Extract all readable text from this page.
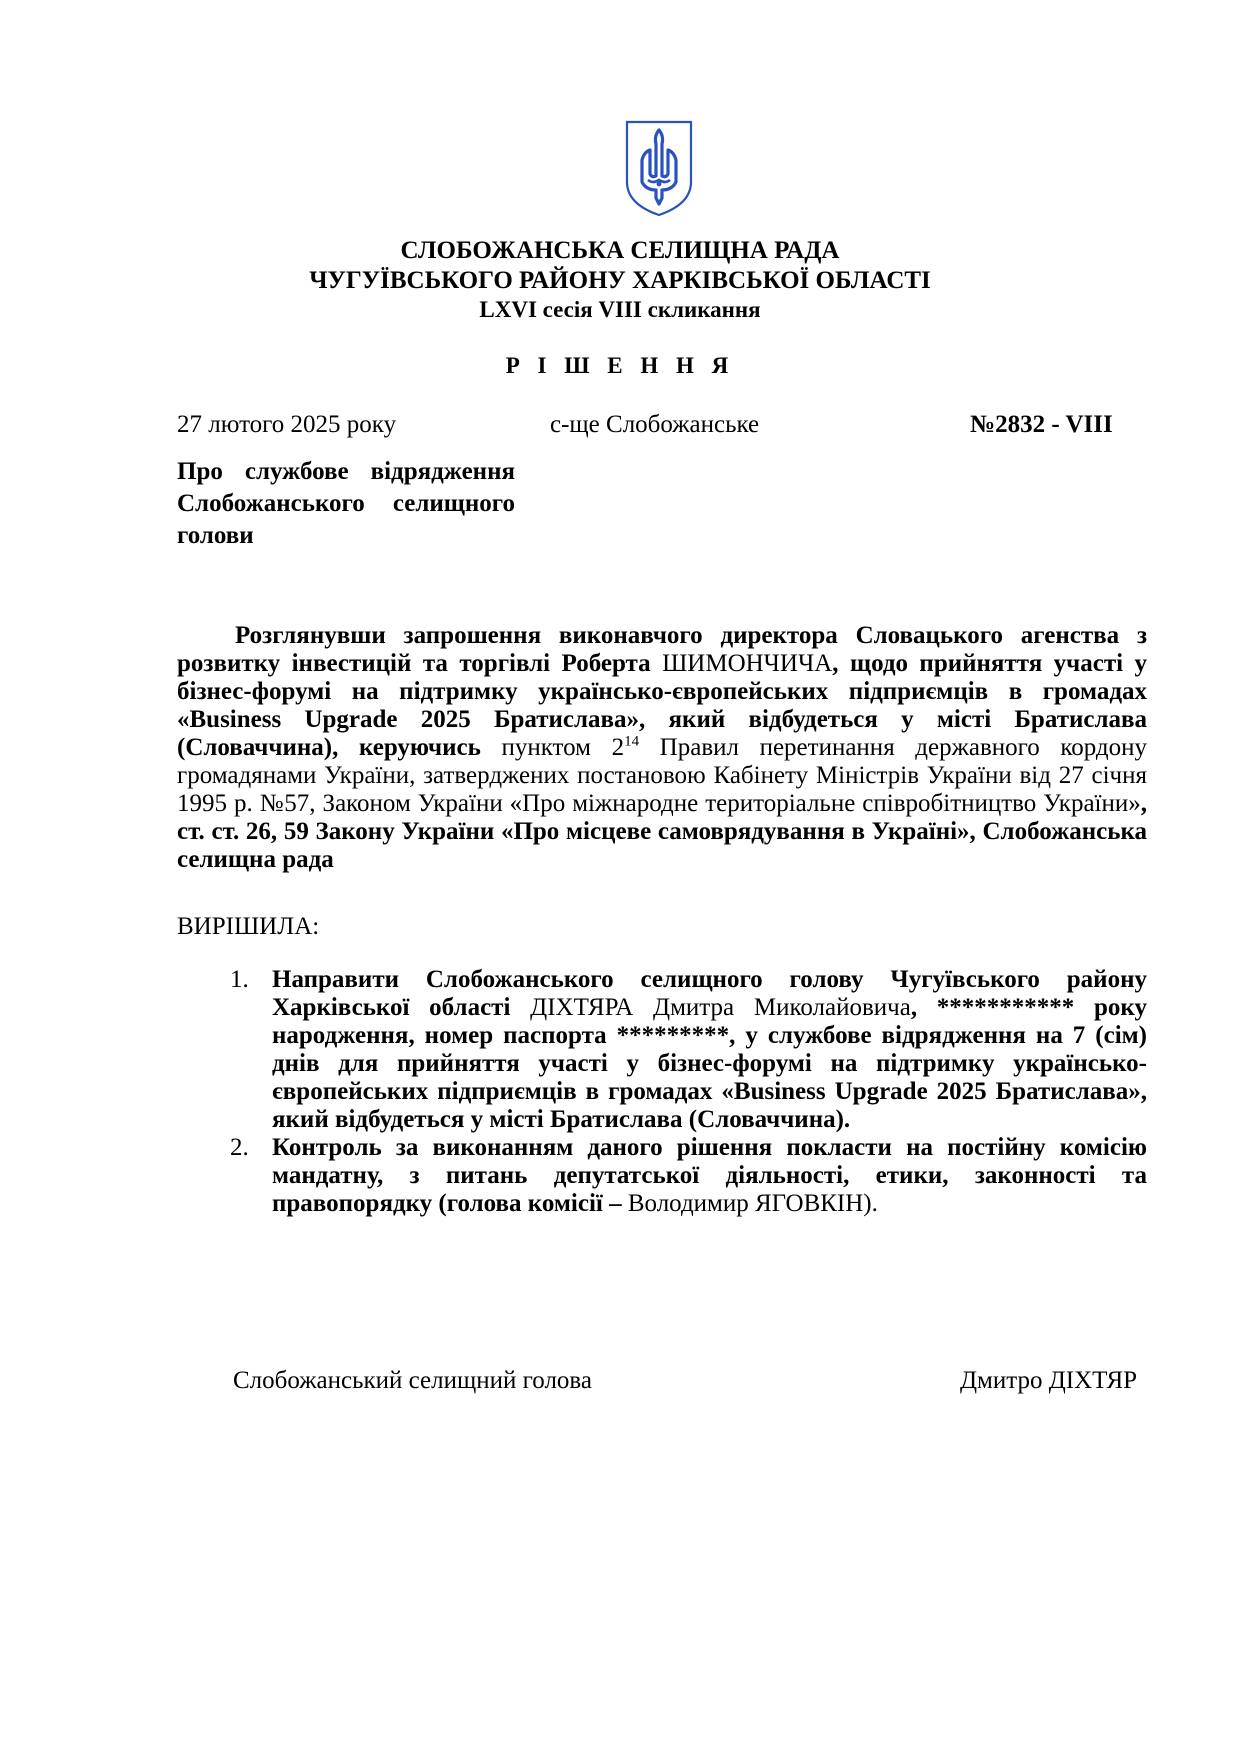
СЛОБОЖАНСЬКА СЕЛИЩНА РАДА
ЧУГУЇВСЬКОГО РАЙОНУ ХАРКІВСЬКОЇ ОБЛАСТІ
LXVI сесія VIII скликання
Р І Ш Е Н Н Я
27 лютого 2025 року	с-ще Слобожанське	№2832 - VIII
Про службове відрядження
Слобожанського селищного
голови

Розглянувши запрошення виконавчого директора Словацького агенства з розвитку інвестицій та торгівлі Роберта ШИМОНЧИЧА, щодо прийняття участі у бізнес-форумі на підтримку українсько-європейських підприємців в громадах «Business Upgrade 2025 Братислава», який відбудеться у місті Братислава (Словаччина), керуючись пунктом $2^{14}$ Правил перетинання державного кордону громадянами України, затверджених постановою Кабінету Міністрів України від 27 січня 1995 р. №57, Законом України «Про міжнародне територіальне співробітництво України», ст. ст. 26, 59 Закону України «Про місцеве самоврядування в Україні», Слобожанська селищна рада

ВИРІШИЛА:
1. Направити Слобожанського селищного голову Чугуївського району Харківської області ДІХТЯРА Дмитра Миколайовича, *********** року народження, номер паспорта *********, у службове відрядження на 7 (сім) днів для прийняття участі у бізнес-форумі на підтримку українсько-європейських підприємців в громадах «Business Upgrade 2025 Братислава», який відбудеться у місті Братислава (Словаччина).
2. Контроль за виконанням даного рішення покласти на постійну комісію мандатну, з питань депутатської діяльності, етики, законності та правопорядку (голова комісії – Володимир ЯГОВКІН).
Слобожанський селищний голова	Дмитро ДІХТЯР
